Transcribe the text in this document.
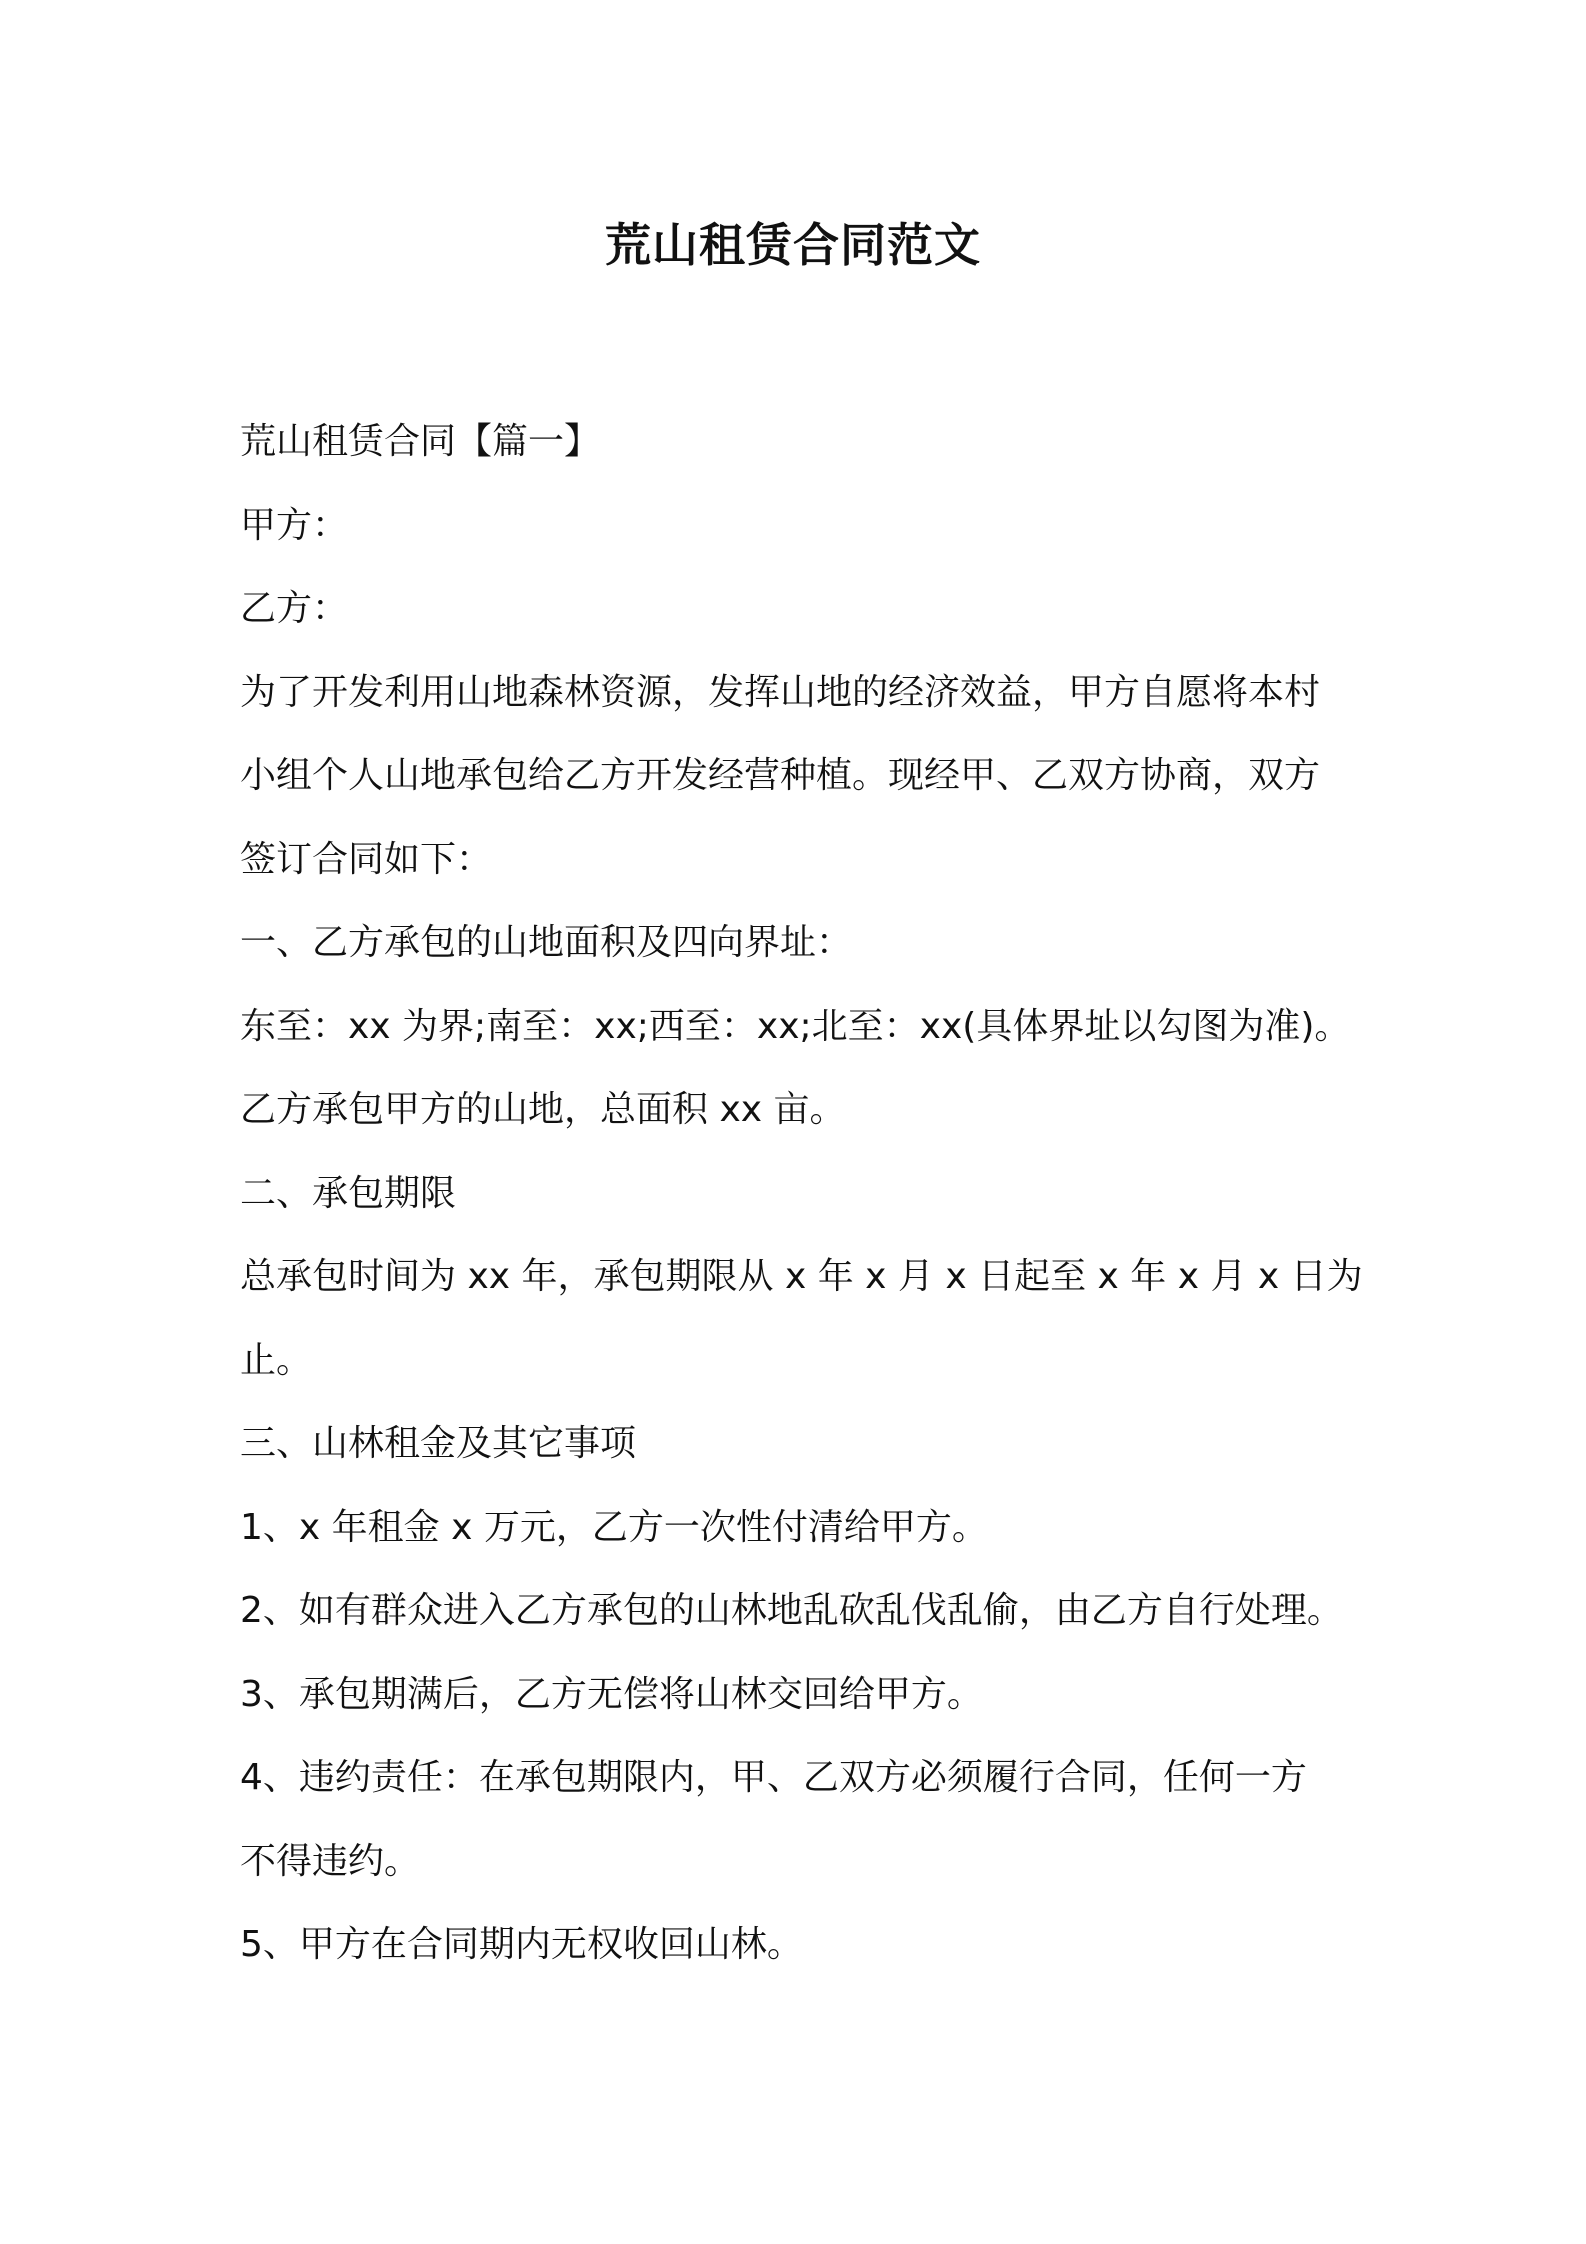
荒山租赁合同范文
荒山租赁合同【篇一】
甲方：
乙方：
为了开发利用山地森林资源，发挥山地的经济效益，甲方自愿将本村
小组个人山地承包给乙方开发经营种植。现经甲、乙双方协商，双方
签订合同如下：
一、乙方承包的山地面积及四向界址：
东至：xx 为界;南至：xx;西至：xx;北至：xx(具体界址以勾图为准)。
乙方承包甲方的山地，总面积 xx 亩。
二、承包期限
总承包时间为 xx 年，承包期限从 x 年 x 月 x 日起至 x 年 x 月 x 日为
止。
三、山林租金及其它事项
1、x 年租金 x 万元，乙方一次性付清给甲方。
2、如有群众进入乙方承包的山林地乱砍乱伐乱偷，由乙方自行处理。
3、承包期满后，乙方无偿将山林交回给甲方。
4、违约责任：在承包期限内，甲、乙双方必须履行合同，任何一方
不得违约。
5、甲方在合同期内无权收回山林。
